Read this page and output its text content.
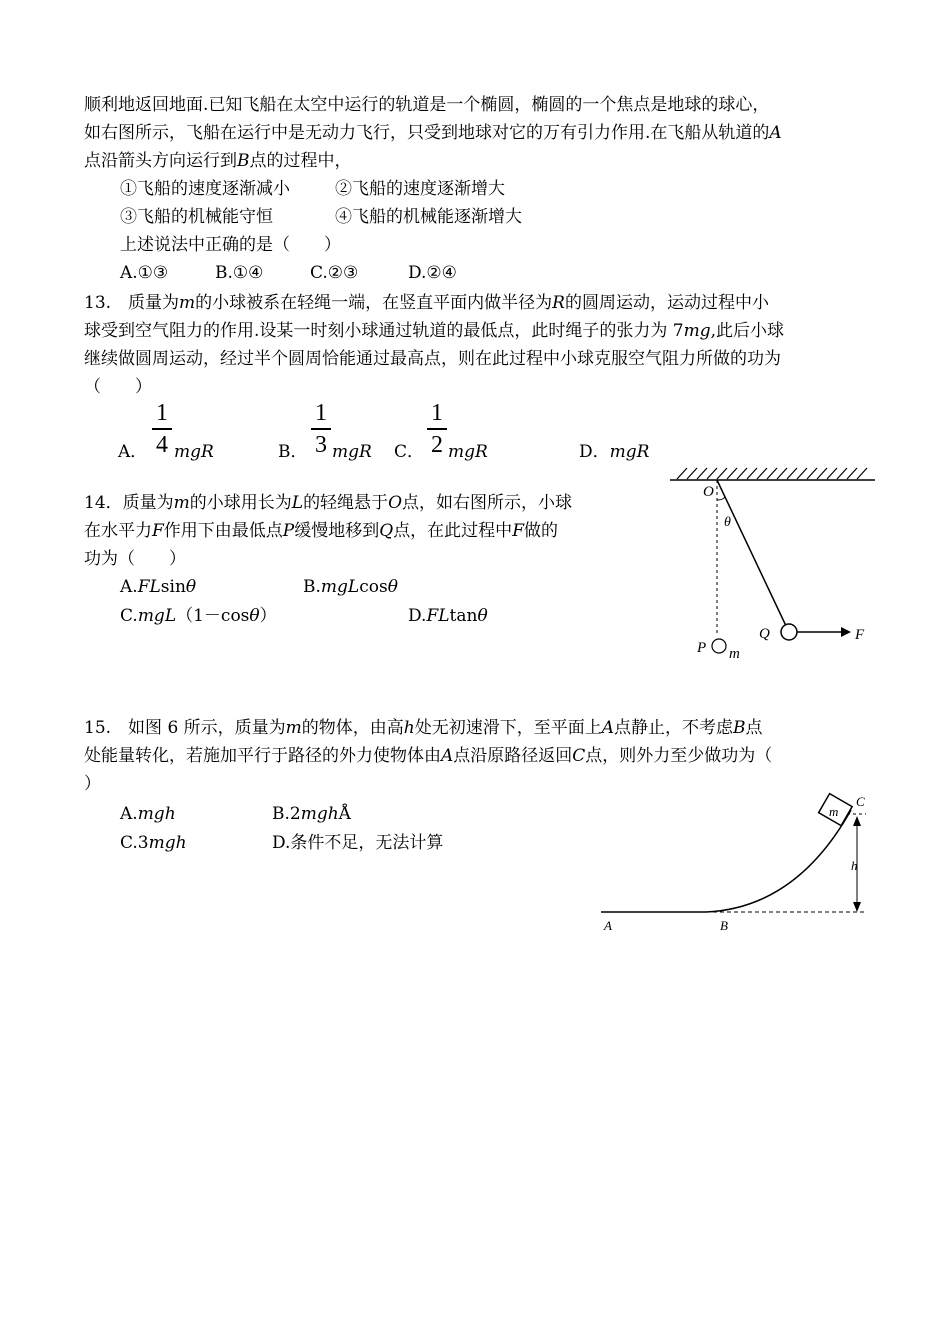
顺利地返回地面.已知飞船在太空中运行的轨道是一个椭圆，椭圆的一个焦点是地球的球心，
如右图所示，飞船在运行中是无动力飞行，只受到地球对它的万有引力作用.在飞船从轨道的A
点沿箭头方向运行到B点的过程中，
①飞船的速度逐渐减小	②飞船的速度逐渐增大
③飞船的机械能守恒	④飞船的机械能逐渐增大
上述说法中正确的是（　　）
A.①③	B.①④	C.②③	D.②④
13.　 质量为m的小球被系在轻绳一端，在竖直平面内做半径为R的圆周运动，运动过程中小
球受到空气阻力的作用.设某一时刻小球通过轨道的最低点，此时绳子的张力为 7mg,此后小球
继续做圆周运动，经过半个圆周恰能通过最高点，则在此过程中小球克服空气阻力所做的功为
（　　）
A．
1
4 mgR	B．
1
3 mgR C．
1
2 mgR	D．mgR
14．质量为m的小球用长为L的轻绳悬于O点，如右图所示，小球
在水平力F作用下由最低点P缓慢地移到Q点，在此过程中F做的
功为（　　）
A.FLsinθ	B.mgLcosθ
C.mgL（1－cosθ）	D.FLtanθ
O
θ
Q	F
P m
15.　 如图 6 所示，质量为m的物体，由高h处无初速滑下，至平面上A点静止，不考虑B点
处能量转化，若施加平行于路径的外力使物体由A点沿原路径返回C点，则外力至少做功为（
）
A.mgh	B.2mghÅ
C.3mgh	D.条件不足，无法计算
m
h
C
A	B
